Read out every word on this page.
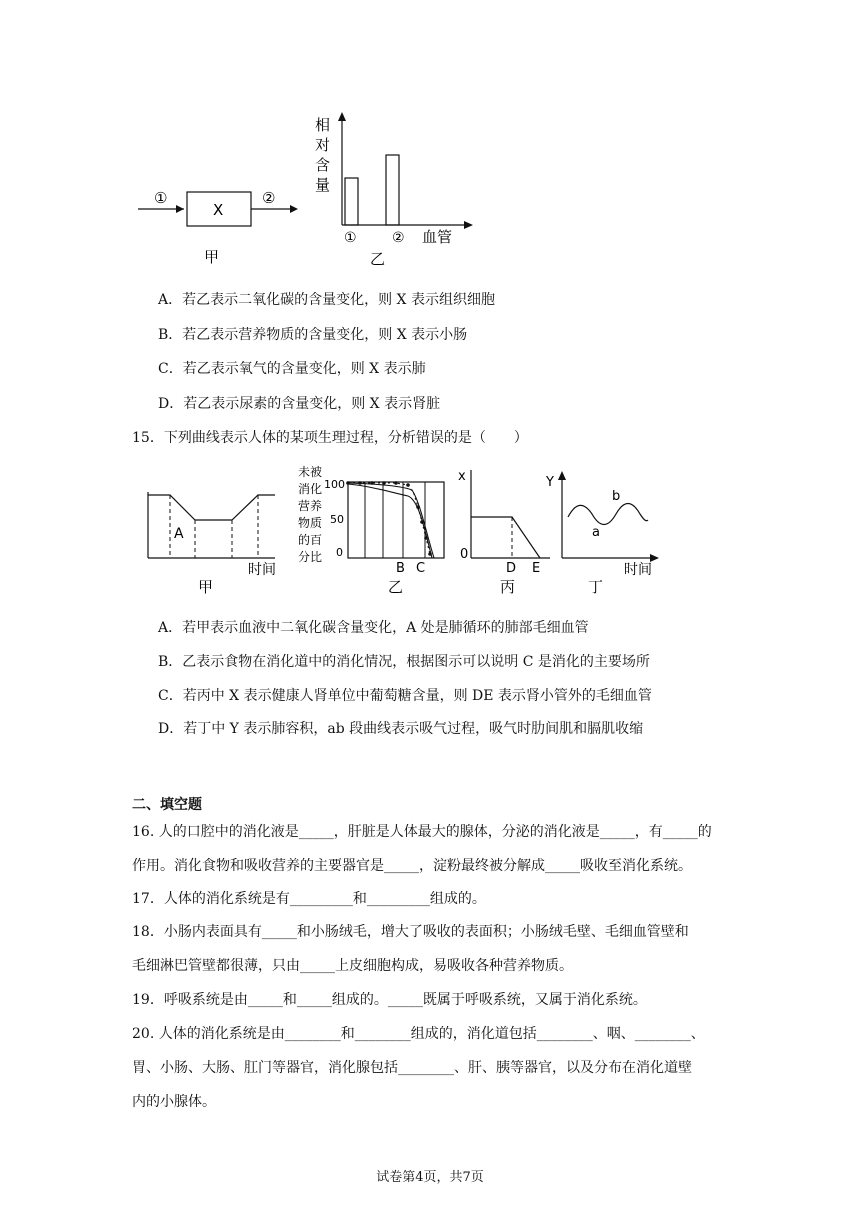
①
X
②
甲
相
对
含
量
①	② 血管
乙
A．若乙表示二氧化碳的含量变化，则 X 表示组织细胞
B．若乙表示营养物质的含量变化，则 X 表示小肠
C．若乙表示氧气的含量变化，则 X 表示肺
D．若乙表示尿素的含量变化，则 X 表示肾脏
15．下列曲线表示人体的某项生理过程，分析错误的是（　　）
A
时间
甲
未被
消化
营养
物质
的百
分比
100
50
0
B C
乙
x
0
D E
丙
Y
a
b
时间
丁
A．若甲表示血液中二氧化碳含量变化，A 处是肺循环的肺部毛细血管
B．乙表示食物在消化道中的消化情况，根据图示可以说明 C 是消化的主要场所
C．若丙中 X 表示健康人肾单位中葡萄糖含量，则 DE 表示肾小管外的毛细血管
D．若丁中 Y 表示肺容积，ab 段曲线表示吸气过程，吸气时肋间肌和膈肌收缩
二、填空题
16. 人的口腔中的消化液是_____，肝脏是人体最大的腺体，分泌的消化液是_____，有_____的
作用。消化食物和吸收营养的主要器官是_____，淀粉最终被分解成_____吸收至消化系统。
17．人体的消化系统是有_________和_________组成的。
18．小肠内表面具有_____和小肠绒毛，增大了吸收的表面积；小肠绒毛壁、毛细血管壁和
毛细淋巴管壁都很薄，只由_____上皮细胞构成，易吸收各种营养物质。
19．呼吸系统是由_____和_____组成的。_____既属于呼吸系统，又属于消化系统。
20. 人体的消化系统是由________和________组成的，消化道包括________、咽、________、
胃、小肠、大肠、肛门等器官，消化腺包括________、肝、胰等器官，以及分布在消化道壁
内的小腺体。
试卷第4页，共7页
